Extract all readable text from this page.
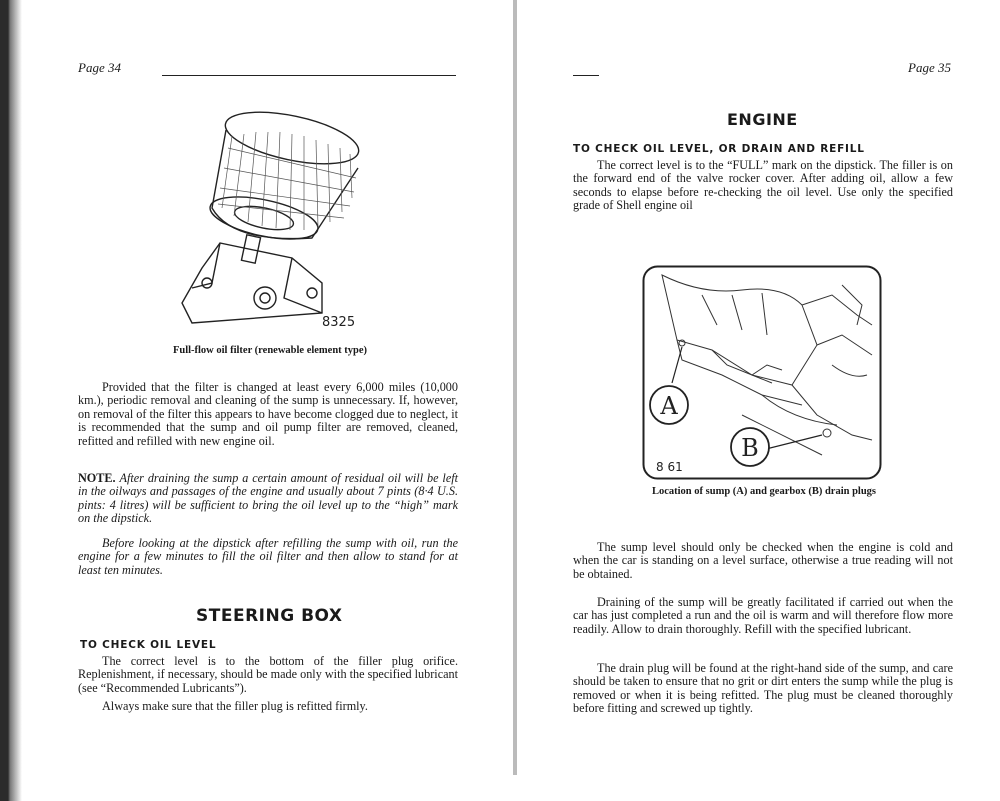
Page 34
8325
Full-flow oil filter (renewable element type)

Provided that the filter is changed at least every 6,000 miles (10,000 km.), periodic removal and cleaning of the sump is unnecessary. If, however, on removal of the filter this appears to have become clogged due to neglect, it is recommended that the sump and oil pump filter are removed, cleaned, refitted and refilled with new engine oil.

NOTE. After draining the sump a certain amount of residual oil will be left in the oilways and passages of the engine and usually about 7 pints (8·4 U.S. pints: 4 litres) will be sufficient to bring the oil level up to the “high” mark on the dipstick.

Before looking at the dipstick after refilling the sump with oil, run the engine for a few minutes to fill the oil filter and then allow to stand for at least ten minutes.

STEERING BOX
TO CHECK OIL LEVEL

The correct level is to the bottom of the filler plug orifice. Replenishment, if necessary, should be made only with the specified lubricant (see “Recommended Lubricants”).

Always make sure that the filler plug is refitted firmly.

Page 35
ENGINE
TO CHECK OIL LEVEL, OR DRAIN AND REFILL

The correct level is to the “FULL” mark on the dipstick. The filler is on the forward end of the valve rocker cover. After adding oil, allow a few seconds to elapse before re-checking the oil level. Use only the specified grade of Shell engine oil

A
B
8 61
Location of sump (A) and gearbox (B) drain plugs

The sump level should only be checked when the engine is cold and when the car is standing on a level surface, otherwise a true reading will not be obtained.

Draining of the sump will be greatly facilitated if carried out when the car has just completed a run and the oil is warm and will therefore flow more readily. Allow to drain thoroughly. Refill with the specified lubricant.

The drain plug will be found at the right-hand side of the sump, and care should be taken to ensure that no grit or dirt enters the sump while the plug is removed or when it is being refitted. The plug must be cleaned thoroughly before fitting and screwed up tightly.
